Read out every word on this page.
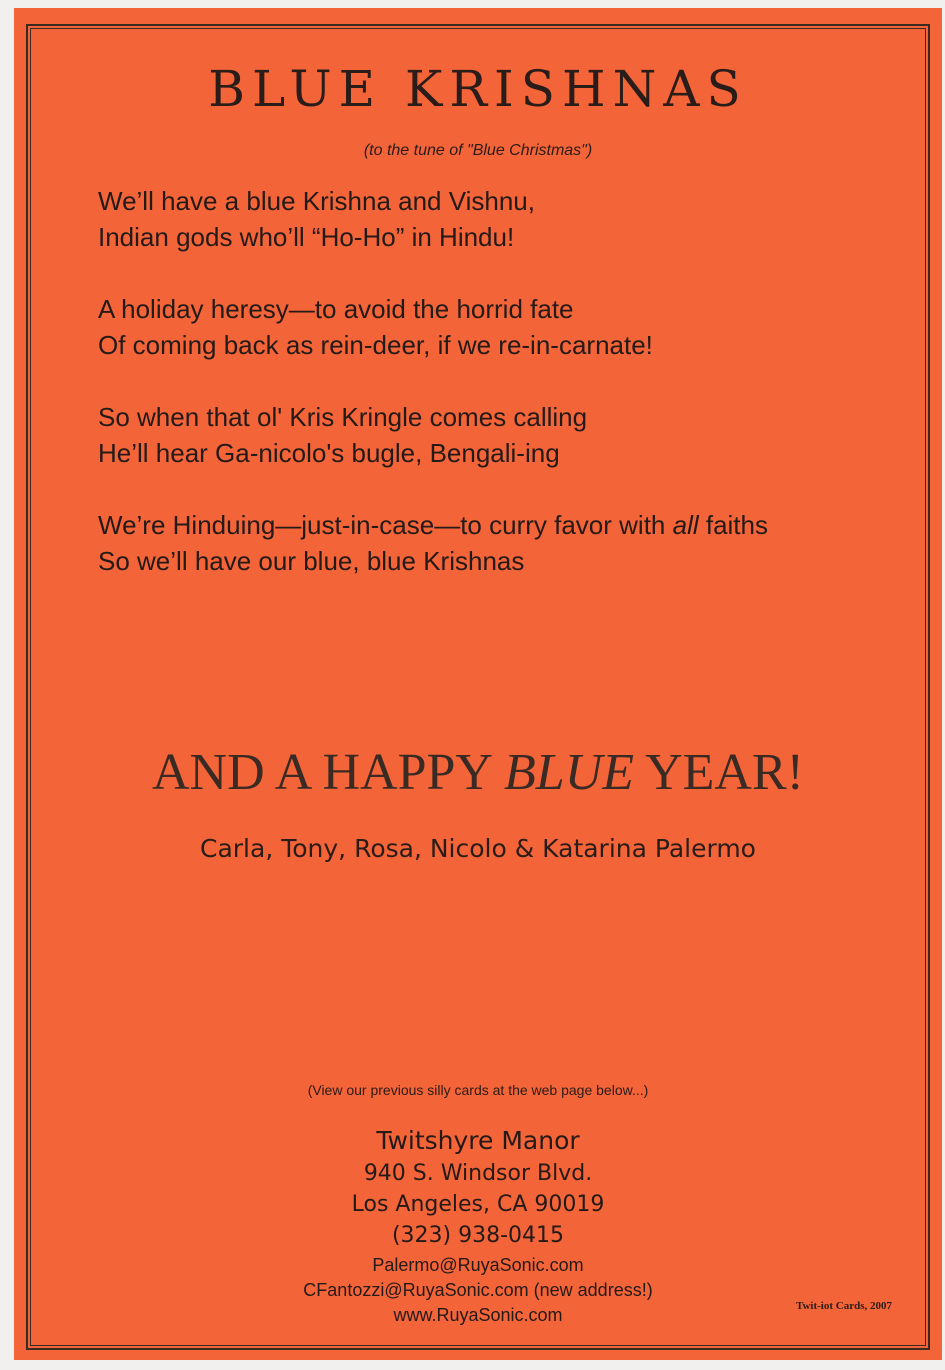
BLUE KRISHNAS
(to the tune of "Blue Christmas")

We’ll have a blue Krishna and Vishnu,

Indian gods who’ll “Ho-Ho” in Hindu!

A holiday heresy—to avoid the horrid fate

Of coming back as rein-deer, if we re-in-carnate!

So when that ol' Kris Kringle comes calling

He’ll hear Ga-nicolo's bugle, Bengali-ing

We’re Hinduing—just-in-case—to curry favor with all faiths

So we’ll have our blue, blue Krishnas

AND A HAPPY BLUE YEAR!
Carla, Tony, Rosa, Nicolo & Katarina Palermo
(View our previous silly cards at the web page below...)
Twitshyre Manor
940 S. Windsor Blvd.
Los Angeles, CA 90019
(323) 938-0415
Palermo@RuyaSonic.com
CFantozzi@RuyaSonic.com (new address!)
www.RuyaSonic.com	Twit-iot Cards, 2007
